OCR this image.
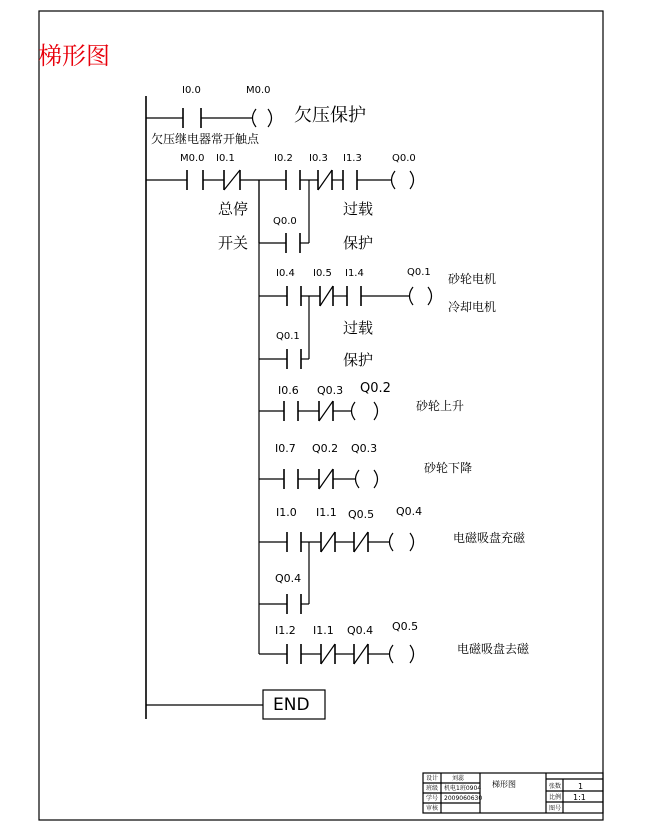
梯形图
I0.0	M0.0
欠压保护
欠压继电器常开触点
M0.0 I0.1	I0.2 I0.3 I1.3	Q0.0
Q0.0
总停
开关
过载
保护
I0.4 I0.5 I1.4	Q0.1 砂轮电机
冷却电机
Q0.1	过载
保护
I0.6 Q0.3 Q0.2
砂轮上升
I0.7 Q0.2 Q0.3
砂轮下降
I1.0 I1.1 Q0.5 Q0.4
电磁吸盘充磁
Q0.4
I1.2 I1.1 Q0.4 Q0.5
电磁吸盘去磁
END
设计 刘蕊
班级 机电1班0904
学号 2009060630
审核
梯形图	张数 1
比例 1:1
图号
